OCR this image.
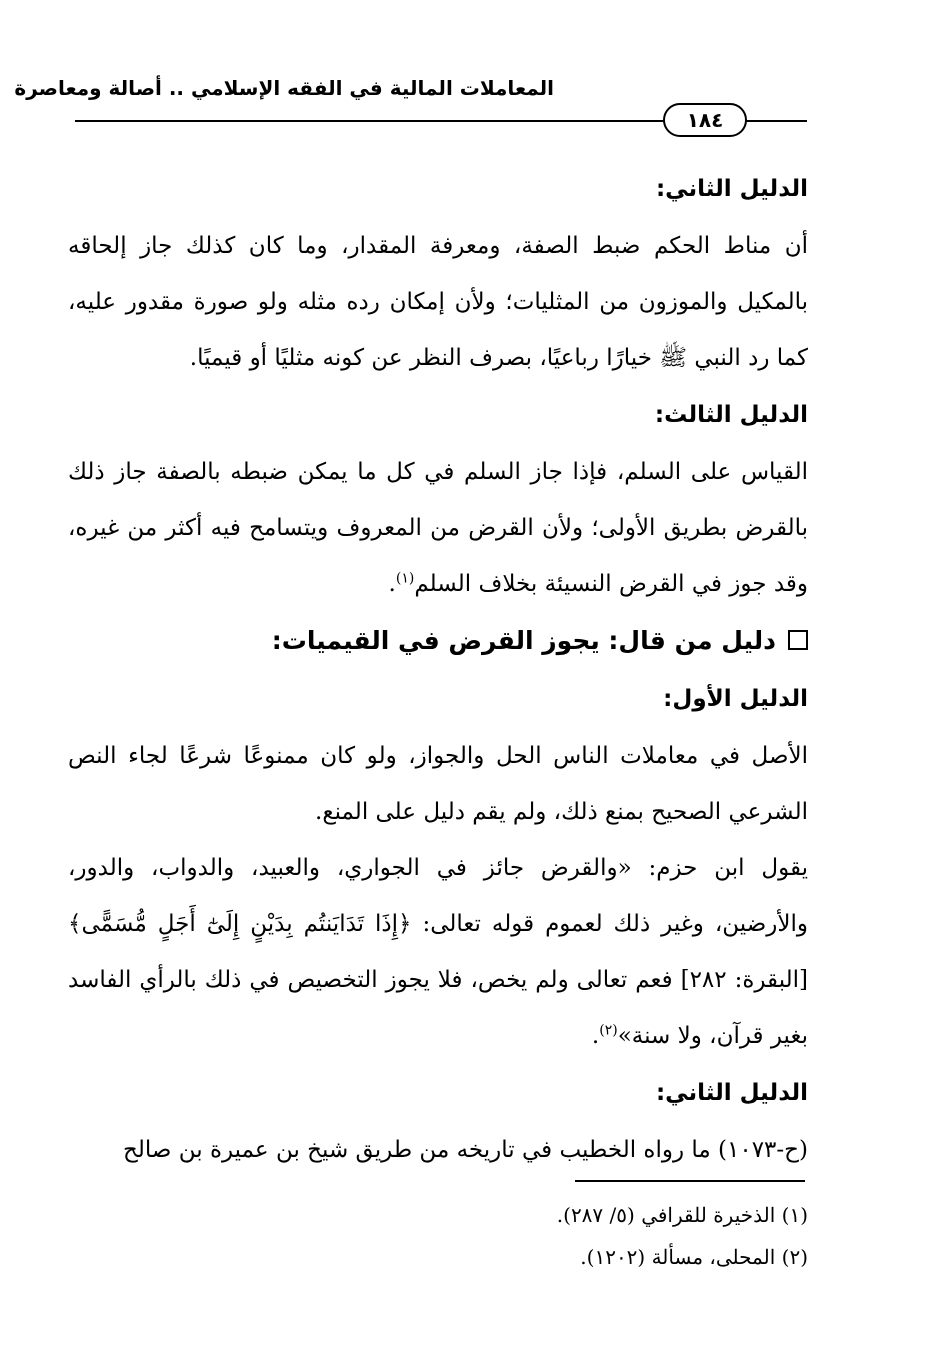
المعاملات المالية في الفقه الإسلامي .. أصالة ومعاصرة
١٨٤

الدليل الثاني:

أن مناط الحكم ضبط الصفة، ومعرفة المقدار، وما كان كذلك جاز إلحاقه بالمكيل والموزون من المثليات؛ ولأن إمكان رده مثله ولو صورة مقدور عليه، كما رد النبي ﷺ خيارًا رباعيًا، بصرف النظر عن كونه مثليًا أو قيميًا.

الدليل الثالث:

القياس على السلم، فإذا جاز السلم في كل ما يمكن ضبطه بالصفة جاز ذلك بالقرض بطريق الأولى؛ ولأن القرض من المعروف ويتسامح فيه أكثر من غيره، وقد جوز في القرض النسيئة بخلاف السلم$^{(١)}$.

دليل من قال: يجوز القرض في القيميات:

الدليل الأول:

الأصل في معاملات الناس الحل والجواز، ولو كان ممنوعًا شرعًا لجاء النص الشرعي الصحيح بمنع ذلك، ولم يقم دليل على المنع.

يقول ابن حزم: «والقرض جائز في الجواري، والعبيد، والدواب، والدور، والأرضين، وغير ذلك لعموم قوله تعالى: ﴿إِذَا تَدَايَنتُم بِدَيْنٍ إِلَىٰٓ أَجَلٍ مُّسَمًّى﴾ [البقرة: ٢٨٢] فعم تعالى ولم يخص، فلا يجوز التخصيص في ذلك بالرأي الفاسد بغير قرآن، ولا سنة»$^{(٢)}$.

الدليل الثاني:

(ح-١٠٧٣) ما رواه الخطيب في تاريخه من طريق شيخ بن عميرة بن صالح

(١) الذخيرة للقرافي (٥/ ٢٨٧).

(٢) المحلى، مسألة (١٢٠٢).
